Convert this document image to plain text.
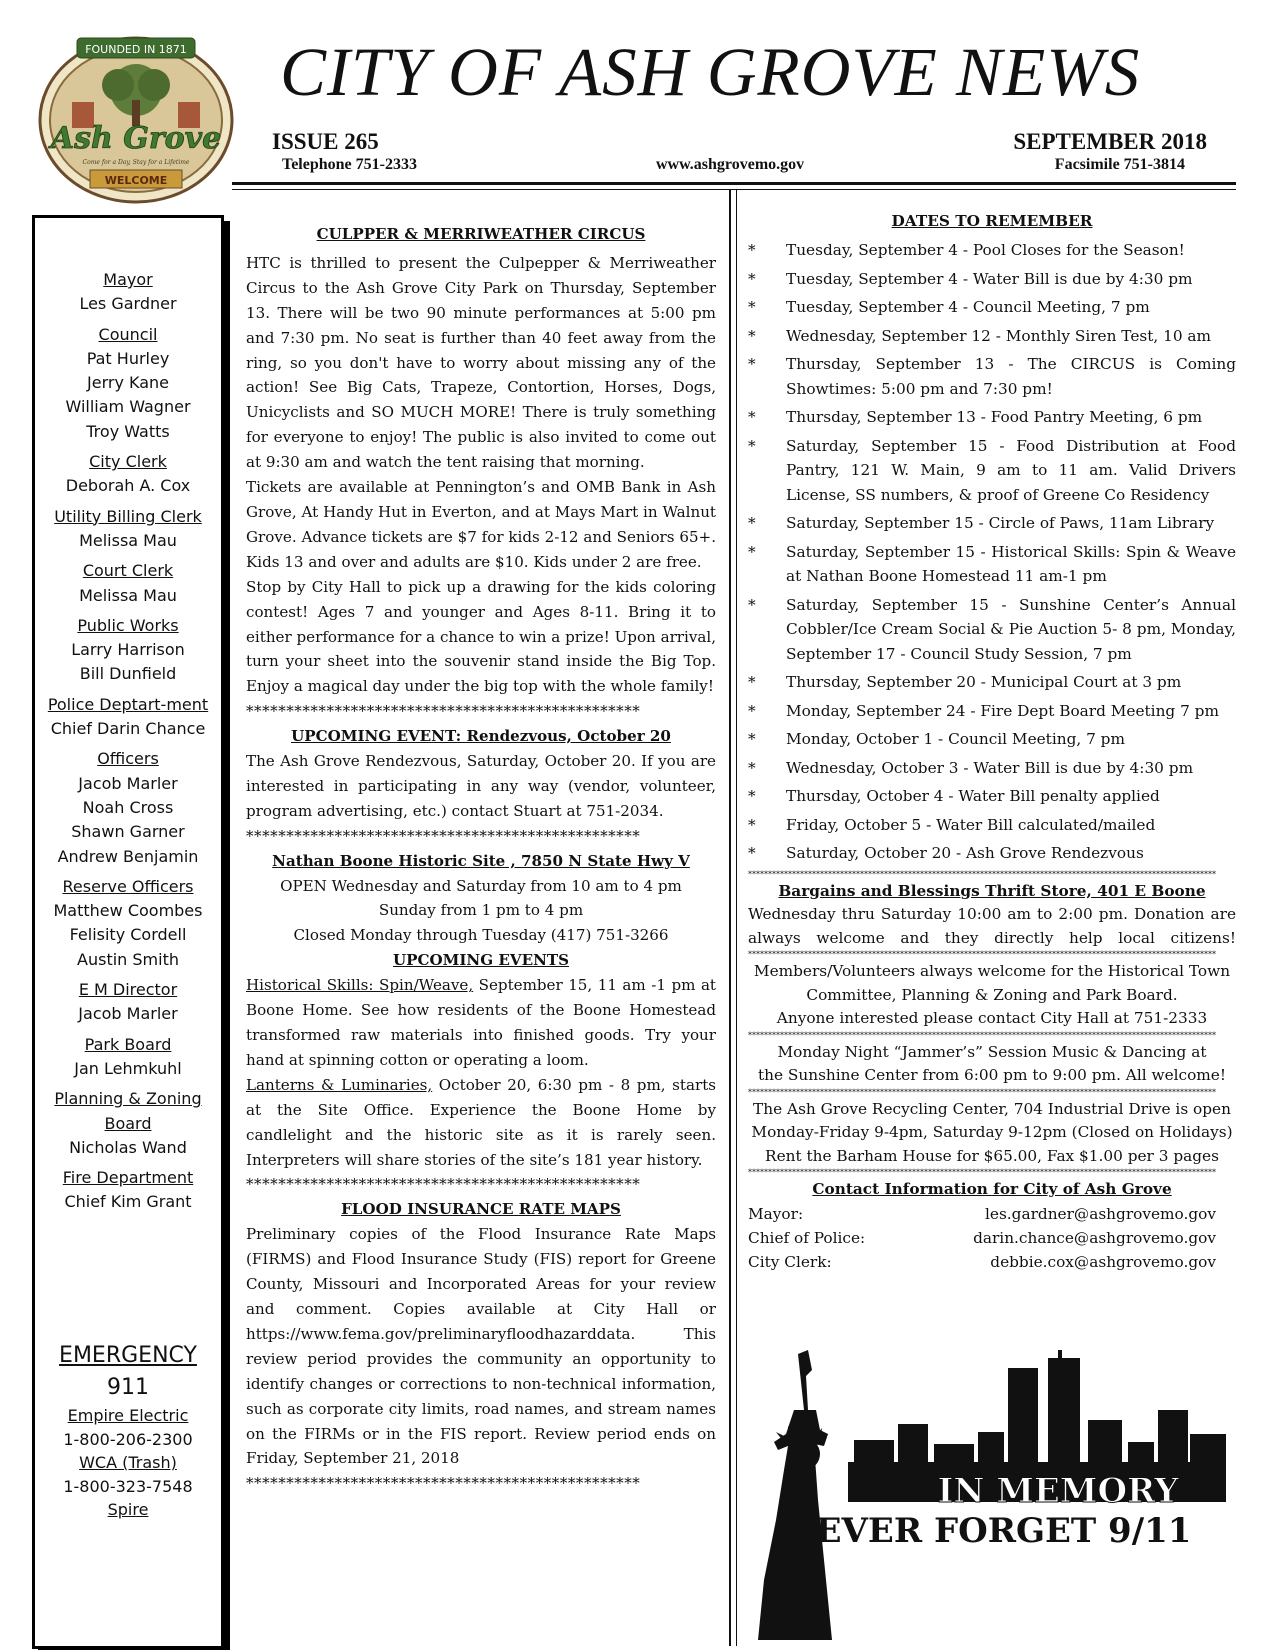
FOUNDED IN 1871
Ash Grove
Come for a Day, Stay for a Lifetime
WELCOME
CITY OF ASH GROVE NEWS
ISSUE 265	SEPTEMBER 2018
Telephone 751-2333	www.ashgrovemo.gov	Facsimile 751-3814
Mayor
Les Gardner
Council
Pat Hurley
Jerry Kane
William Wagner
Troy Watts
City Clerk
Deborah A. Cox
Utility Billing Clerk
Melissa Mau
Court Clerk
Melissa Mau
Public Works
Larry Harrison
Bill Dunfield
Police Deptart-ment
Chief Darin Chance
Officers
Jacob Marler
Noah Cross
Shawn Garner
Andrew Benjamin
Reserve Officers
Matthew Coombes
Felisity Cordell
Austin Smith
E M Director
Jacob Marler
Park Board
Jan Lehmkuhl
Planning & Zoning Board
Nicholas Wand
Fire Department
Chief Kim Grant
EMERGENCY
911
Empire Electric
1-800-206-2300
WCA (Trash)
1-800-323-7548
Spire

CULPPER & MERRIWEATHER CIRCUS

HTC is thrilled to present the Culpepper & Merriweather Circus to the Ash Grove City Park on Thursday, September 13. There will be two 90 minute performances at 5:00 pm and 7:30 pm. No seat is further than 40 feet away from the ring, so you don't have to worry about missing any of the action! See Big Cats, Trapeze, Contortion, Horses, Dogs, Unicyclists and SO MUCH MORE! There is truly something for everyone to enjoy! The public is also invited to come out at 9:30 am and watch the tent raising that morning.

Tickets are available at Pennington’s and OMB Bank in Ash Grove, At Handy Hut in Everton, and at Mays Mart in Walnut Grove. Advance tickets are $7 for kids 2-12 and Seniors 65+. Kids 13 and over and adults are $10. Kids under 2 are free.

Stop by City Hall to pick up a drawing for the kids coloring contest! Ages 7 and younger and Ages 8-11. Bring it to either performance for a chance to win a prize! Upon arrival, turn your sheet into the souvenir stand inside the Big Top. Enjoy a magical day under the big top with the whole family!

*************************************************

UPCOMING EVENT: Rendezvous, October 20

The Ash Grove Rendezvous, Saturday, October 20. If you are interested in participating in any way (vendor, volunteer, program advertising, etc.) contact Stuart at 751-2034.

*************************************************

Nathan Boone Historic Site , 7850 N State Hwy V

OPEN Wednesday and Saturday from 10 am to 4 pm

Sunday from 1 pm to 4 pm

Closed Monday through Tuesday (417) 751-3266

UPCOMING EVENTS

Historical Skills: Spin/Weave, September 15, 11 am -1 pm at Boone Home. See how residents of the Boone Homestead transformed raw materials into finished goods. Try your hand at spinning cotton or operating a loom.

Lanterns & Luminaries, October 20, 6:30 pm - 8 pm, starts at the Site Office. Experience the Boone Home by candlelight and the historic site as it is rarely seen. Interpreters will share stories of the site’s 181 year history.

*************************************************

FLOOD INSURANCE RATE MAPS

Preliminary copies of the Flood Insurance Rate Maps (FIRMS) and Flood Insurance Study (FIS) report for Greene County, Missouri and Incorporated Areas for your review and comment. Copies available at City Hall or https://www.fema.gov/preliminaryfloodhazarddata. This review period provides the community an opportunity to identify changes or corrections to non-technical information, such as corporate city limits, road names, and stream names on the FIRMs or in the FIS report. Review period ends on Friday, September 21, 2018

*************************************************

DATES TO REMEMBER
* Tuesday, September 4 - Pool Closes for the Season!
* Tuesday, September 4 - Water Bill is due by 4:30 pm
* Tuesday, September 4 - Council Meeting, 7 pm
* Wednesday, September 12 - Monthly Siren Test, 10 am
* Thursday, September 13 - The CIRCUS is Coming Showtimes: 5:00 pm and 7:30 pm!
* Thursday, September 13 - Food Pantry Meeting, 6 pm
* Saturday, September 15 - Food Distribution at Food Pantry, 121 W. Main, 9 am to 11 am. Valid Drivers License, SS numbers, & proof of Greene Co Residency
* Saturday, September 15 - Circle of Paws, 11am Library
* Saturday, September 15 - Historical Skills: Spin & Weave at Nathan Boone Homestead 11 am-1 pm
* Saturday, September 15 - Sunshine Center’s Annual Cobbler/Ice Cream Social & Pie Auction 5- 8 pm, Monday, September 17 - Council Study Session, 7 pm
* Thursday, September 20 - Municipal Court at 3 pm
* Monday, September 24 - Fire Dept Board Meeting 7 pm
* Monday, October 1 - Council Meeting, 7 pm
* Wednesday, October 3 - Water Bill is due by 4:30 pm
* Thursday, October 4 - Water Bill penalty applied
* Friday, October 5 - Water Bill calculated/mailed
* Saturday, October 20 - Ash Grove Rendezvous
*********************************************************************************************************************
Bargains and Blessings Thrift Store, 401 E Boone
Wednesday thru Saturday 10:00 am to 2:00 pm. Donation are always welcome and they directly help local citizens!
*********************************************************************************************************************
Members/Volunteers always welcome for the Historical Town
Committee, Planning & Zoning and Park Board.
Anyone interested please contact City Hall at 751-2333
*********************************************************************************************************************
Monday Night “Jammer’s” Session Music & Dancing at
the Sunshine Center from 6:00 pm to 9:00 pm. All welcome!
*********************************************************************************************************************
The Ash Grove Recycling Center, 704 Industrial Drive is open
Monday-Friday 9-4pm, Saturday 9-12pm (Closed on Holidays)
Rent the Barham House for $65.00, Fax $1.00 per 3 pages
*********************************************************************************************************************
Contact Information for City of Ash Grove
Mayor:	les.gardner@ashgrovemo.gov
Chief of Police:	darin.chance@ashgrovemo.gov
City Clerk:	debbie.cox@ashgrovemo.gov
IN MEMORY
NEVER FORGET 9/11
